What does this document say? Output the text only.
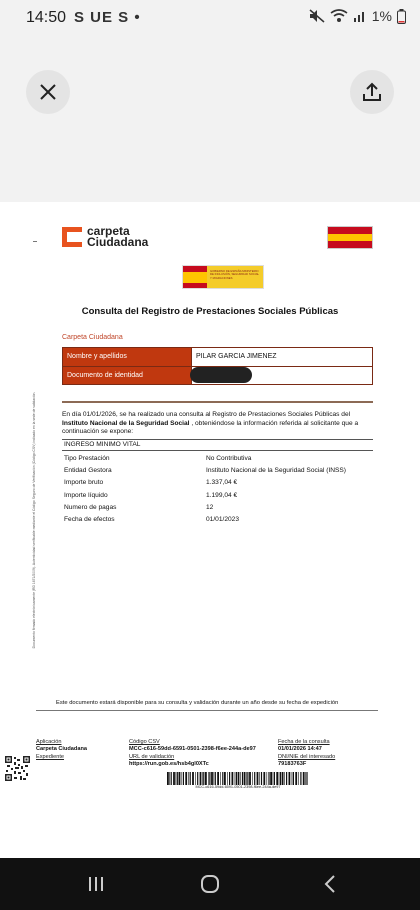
14:50 S UE S •	1%
carpeta
Ciudadana
GOBIERNO DE ESPAÑA MINISTERIO DE INCLUSIÓN, SEGURIDAD SOCIAL Y MIGRACIONES
Consulta del Registro de Prestaciones Sociales Públicas
Carpeta Ciudadana
Nombre y apellidos	PILAR GARCIA JIMENEZ
Documento de identidad	
Documento firmado electrónicamente (RD 1671/2009). Autenticidad verificable mediante el Código Seguro de Verificación (Código CSV) indicado en la sede de validación.	En día 01/01/2026, se ha realizado una consulta al Registro de Prestaciones Sociales Públicas del Instituto Nacional de la Seguridad Social , obteniéndose la información referida al solicitante que a continuación se expone:
INGRESO MINIMO VITAL
Tipo Prestación	No Contributiva
Entidad Gestora	Instituto Nacional de la Seguridad Social (INSS)
Importe bruto	1.337,04 €
Importe líquido	1.199,04 €
Numero de pagas	12
Fecha de efectos	01/01/2023
Este documento estará disponible para su consulta y validación durante un año desde su fecha de expedición
Aplicación
Carpeta Ciudadana
Expediente
Código CSV
MCC-c616-59dd-6591-0501-2398-f6ee-244a-de97
URL de validación
https://run.gob.es/hsb4gl0XTc
Fecha de la consulta
01/01/2026 14:47
DNI/NIE del interesado
79183763F
MCC-c616-59dd-6591-0501-2398-f6ee-244a-de97
